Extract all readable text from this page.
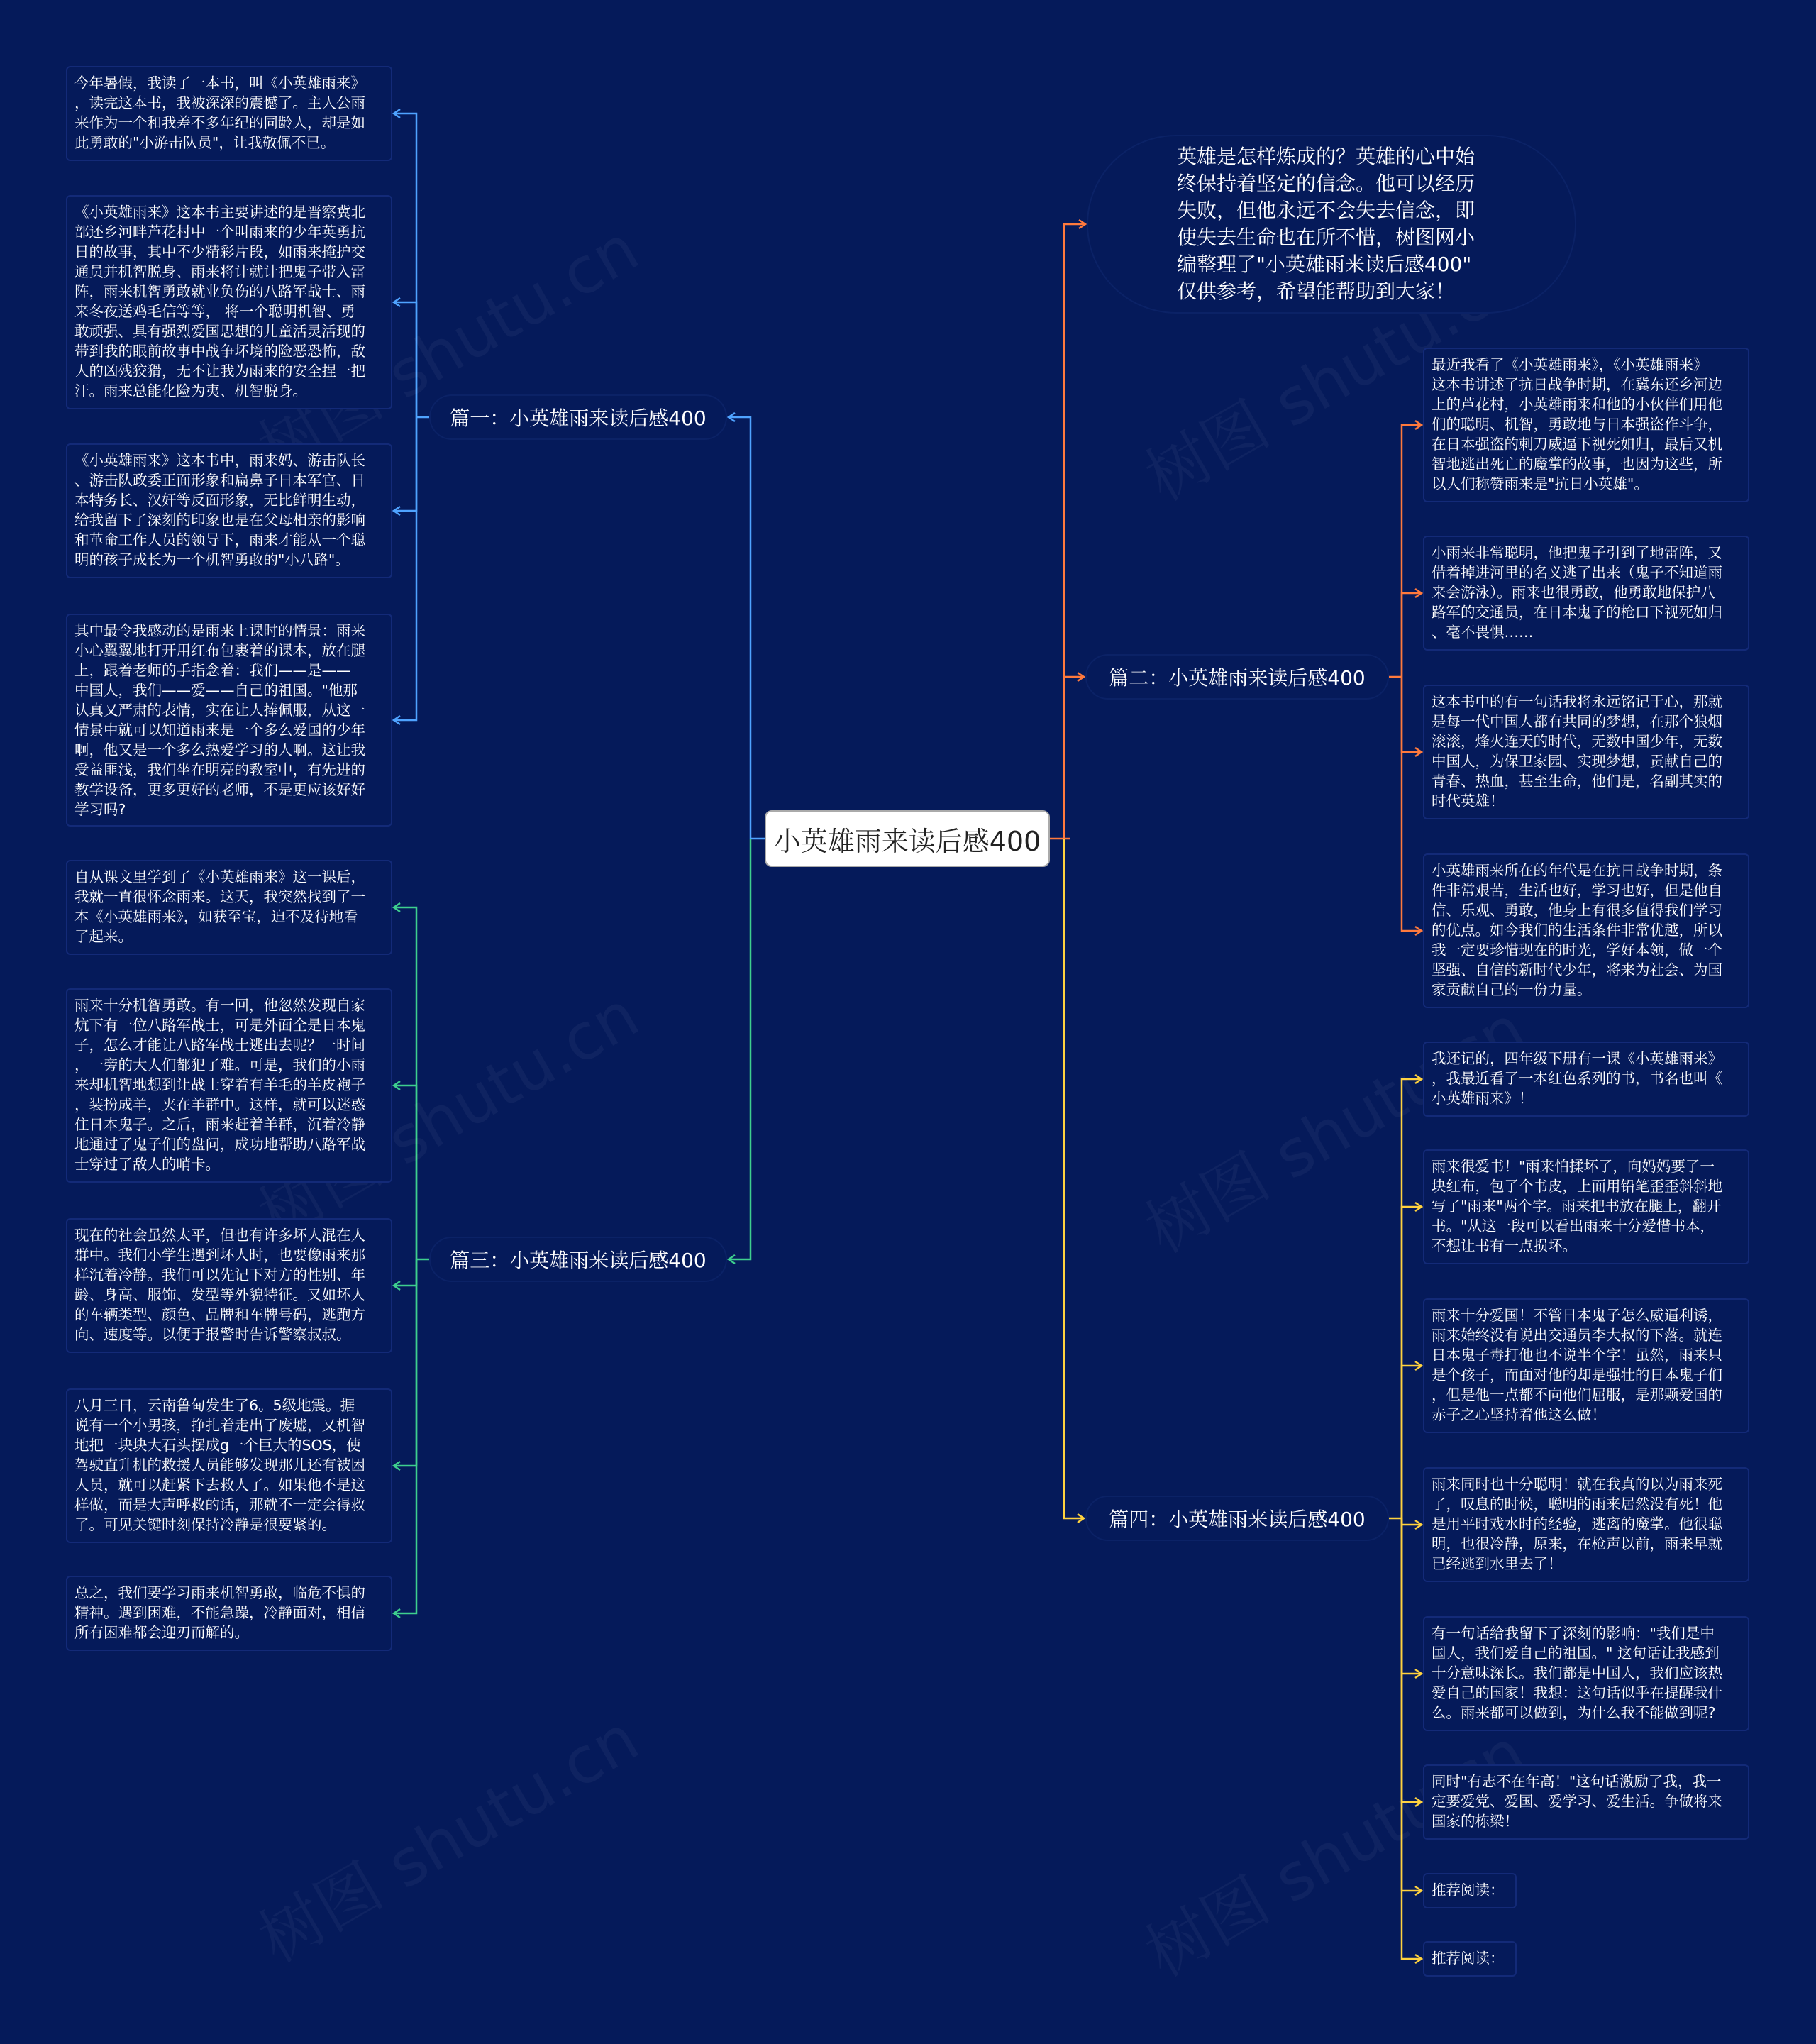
小英雄雨来读后感400
英雄是怎样炼成的？英雄的心中始
终保持着坚定的信念。他可以经历
失败，但他永远不会失去信念，即
使失去生命也在所不惜，树图网小
编整理了"小英雄雨来读后感400"
仅供参考，希望能帮助到大家！
篇一：小英雄雨来读后感400
今年暑假，我读了一本书，叫《小英雄雨来》
，读完这本书，我被深深的震憾了。主人公雨
来作为一个和我差不多年纪的同龄人，却是如
此勇敢的"小游击队员"，让我敬佩不已。
《小英雄雨来》这本书主要讲述的是晋察冀北
部还乡河畔芦花村中一个叫雨来的少年英勇抗
日的故事，其中不少精彩片段，如雨来掩护交
通员并机智脱身、雨来将计就计把鬼子带入雷
阵，雨来机智勇敢就业负伤的八路军战士、雨
来冬夜送鸡毛信等等， 将一个聪明机智、勇
敢顽强、具有强烈爱国思想的儿童活灵活现的
带到我的眼前故事中战争坏境的险恶恐怖，敌
人的凶残狡猾，无不让我为雨来的安全捏一把
汗。雨来总能化险为夷、机智脱身。
《小英雄雨来》这本书中，雨来妈、游击队长
、游击队政委正面形象和扁鼻子日本军官、日
本特务长、汉奸等反面形象，无比鲜明生动，
给我留下了深刻的印象也是在父母相亲的影响
和革命工作人员的领导下，雨来才能从一个聪
明的孩子成长为一个机智勇敢的"小八路"。
其中最令我感动的是雨来上课时的情景：雨来
小心翼翼地打开用红布包裹着的课本，放在腿
上，跟着老师的手指念着：我们——是——
中国人，我们——爱——自己的祖国。"他那
认真又严肃的表情，实在让人捧佩服，从这一
情景中就可以知道雨来是一个多么爱国的少年
啊，他又是一个多么热爱学习的人啊。这让我
受益匪浅，我们坐在明亮的教室中，有先进的
教学设备，更多更好的老师，不是更应该好好
学习吗?
篇二：小英雄雨来读后感400
最近我看了《小英雄雨来》，《小英雄雨来》
这本书讲述了抗日战争时期，在冀东还乡河边
上的芦花村，小英雄雨来和他的小伙伴们用他
们的聪明、机智，勇敢地与日本强盗作斗争，
在日本强盗的刺刀威逼下视死如归，最后又机
智地逃出死亡的魔掌的故事，也因为这些，所
以人们称赞雨来是"抗日小英雄"。
小雨来非常聪明，他把鬼子引到了地雷阵，又
借着掉进河里的名义逃了出来（鬼子不知道雨
来会游泳）。雨来也很勇敢，他勇敢地保护八
路军的交通员，在日本鬼子的枪口下视死如归
、毫不畏惧……
这本书中的有一句话我将永远铭记于心，那就
是每一代中国人都有共同的梦想，在那个狼烟
滚滚，烽火连天的时代，无数中国少年，无数
中国人，为保卫家园、实现梦想，贡献自己的
青春、热血，甚至生命，他们是，名副其实的
时代英雄！
小英雄雨来所在的年代是在抗日战争时期，条
件非常艰苦，生活也好，学习也好，但是他自
信、乐观、勇敢，他身上有很多值得我们学习
的优点。如今我们的生活条件非常优越，所以
我一定要珍惜现在的时光，学好本领，做一个
坚强、自信的新时代少年，将来为社会、为国
家贡献自己的一份力量。
篇三：小英雄雨来读后感400
自从课文里学到了《小英雄雨来》这一课后，
我就一直很怀念雨来。这天，我突然找到了一
本《小英雄雨来》，如获至宝，迫不及待地看
了起来。
雨来十分机智勇敢。有一回，他忽然发现自家
炕下有一位八路军战士，可是外面全是日本鬼
子，怎么才能让八路军战士逃出去呢？一时间
，一旁的大人们都犯了难。可是，我们的小雨
来却机智地想到让战士穿着有羊毛的羊皮袍子
，装扮成羊，夹在羊群中。这样，就可以迷惑
住日本鬼子。之后，雨来赶着羊群，沉着冷静
地通过了鬼子们的盘问，成功地帮助八路军战
士穿过了敌人的哨卡。
现在的社会虽然太平，但也有许多坏人混在人
群中。我们小学生遇到坏人时，也要像雨来那
样沉着冷静。我们可以先记下对方的性别、年
龄、身高、服饰、发型等外貌特征。又如坏人
的车辆类型、颜色、品牌和车牌号码，逃跑方
向、速度等。以便于报警时告诉警察叔叔。
八月三日，云南鲁甸发生了6。5级地震。据
说有一个小男孩，挣扎着走出了废墟，又机智
地把一块块大石头摆成g一个巨大的SOS，使
驾驶直升机的救援人员能够发现那儿还有被困
人员，就可以赶紧下去救人了。如果他不是这
样做，而是大声呼救的话，那就不一定会得救
了。可见关键时刻保持冷静是很要紧的。
总之，我们要学习雨来机智勇敢，临危不惧的
精神。遇到困难，不能急躁，冷静面对，相信
所有困难都会迎刃而解的。
篇四：小英雄雨来读后感400
我还记的，四年级下册有一课《小英雄雨来》
，我最近看了一本红色系列的书，书名也叫《
小英雄雨来》！
雨来很爱书！"雨来怕揉坏了，向妈妈要了一
块红布，包了个书皮，上面用铅笔歪歪斜斜地
写了"雨来"两个字。雨来把书放在腿上，翻开
书。"从这一段可以看出雨来十分爱惜书本，
不想让书有一点损坏。
雨来十分爱国！不管日本鬼子怎么威逼利诱，
雨来始终没有说出交通员李大叔的下落。就连
日本鬼子毒打他也不说半个字！虽然，雨来只
是个孩子，而面对他的却是强壮的日本鬼子们
，但是他一点都不向他们屈服，是那颗爱国的
赤子之心坚持着他这么做！
雨来同时也十分聪明！就在我真的以为雨来死
了，叹息的时候，聪明的雨来居然没有死！他
是用平时戏水时的经验，逃离的魔掌。他很聪
明，也很冷静，原来，在枪声以前，雨来早就
已经逃到水里去了！
有一句话给我留下了深刻的影响："我们是中
国人，我们爱自己的祖国。" 这句话让我感到
十分意味深长。我们都是中国人，我们应该热
爱自己的国家！我想：这句话似乎在提醒我什
么。雨来都可以做到，为什么我不能做到呢?
同时"有志不在年高！"这句话激励了我，我一
定要爱党、爱国、爱学习、爱生活。争做将来
国家的栋梁！
推荐阅读：
推荐阅读：
